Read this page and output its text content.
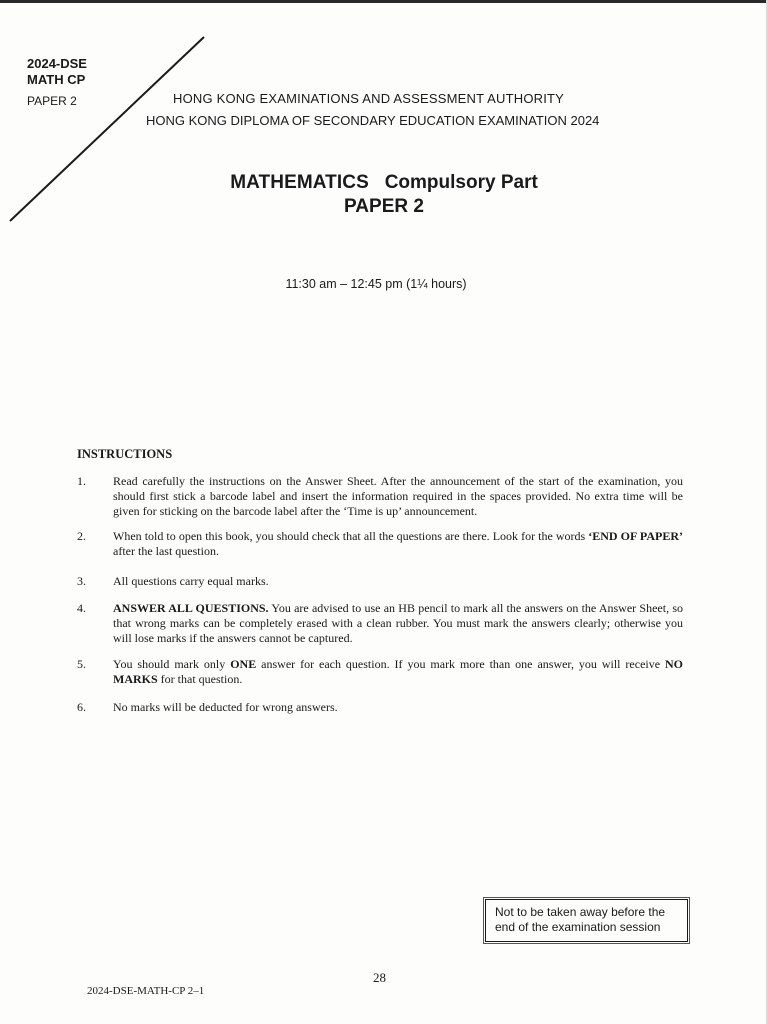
2024-DSE
MATH CP
PAPER 2	HONG KONG EXAMINATIONS AND ASSESSMENT AUTHORITY
HONG KONG DIPLOMA OF SECONDARY EDUCATION EXAMINATION 2024
MATHEMATICS Compulsory Part
PAPER 2
11:30 am – 12:45 pm (1¼ hours)
INSTRUCTIONS
1.	Read carefully the instructions on the Answer Sheet. After the announcement of the start of the examination, you should first stick a barcode label and insert the information required in the spaces provided. No extra time will be given for sticking on the barcode label after the ‘Time is up’ announcement.
2.	When told to open this book, you should check that all the questions are there. Look for the words ‘END OF PAPER’ after the last question.
3.	All questions carry equal marks.
4.	ANSWER ALL QUESTIONS. You are advised to use an HB pencil to mark all the answers on the Answer Sheet, so that wrong marks can be completely erased with a clean rubber. You must mark the answers clearly; otherwise you will lose marks if the answers cannot be captured.
5.	You should mark only ONE answer for each question. If you mark more than one answer, you will receive NO MARKS for that question.
6.	No marks will be deducted for wrong answers.
Not to be taken away before the end of the examination session
28
2024-DSE-MATH-CP 2–1
